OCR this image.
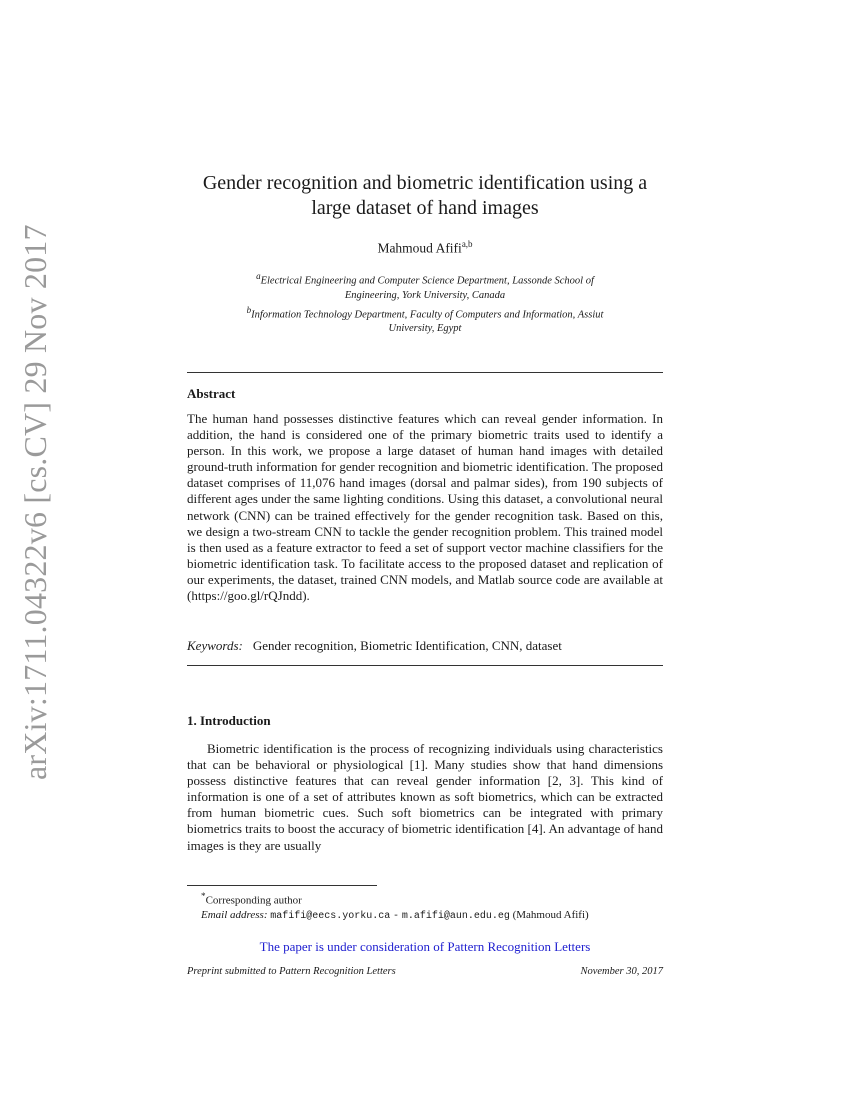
arXiv:1711.04322v6 [cs.CV] 29 Nov 2017
Gender recognition and biometric identification using a
large dataset of hand images
Mahmoud Afifi$^{a,b}$
$^a$Electrical Engineering and Computer Science Department, Lassonde School of
Engineering, York University, Canada
$^b$Information Technology Department, Faculty of Computers and Information, Assiut
University, Egypt
Abstract
The human hand possesses distinctive features which can reveal gender information. In addition, the hand is considered one of the primary biometric traits used to identify a person. In this work, we propose a large dataset of human hand images with detailed ground-truth information for gender recognition and biometric identification. The proposed dataset comprises of 11,076 hand images (dorsal and palmar sides), from 190 subjects of different ages under the same lighting conditions. Using this dataset, a convolutional neural network (CNN) can be trained effectively for the gender recognition task. Based on this, we design a two-stream CNN to tackle the gender recognition problem. This trained model is then used as a feature extractor to feed a set of support vector machine classifiers for the biometric identification task. To facilitate access to the proposed dataset and replication of our experiments, the dataset, trained CNN models, and Matlab source code are available at (https://goo.gl/rQJndd).
Keywords: Gender recognition, Biometric Identification, CNN, dataset
1. Introduction
Biometric identification is the process of recognizing individuals using characteristics that can be behavioral or physiological [1]. Many studies show that hand dimensions possess distinctive features that can reveal gender information [2, 3]. This kind of information is one of a set of attributes known as soft biometrics, which can be extracted from human biometric cues. Such soft biometrics can be integrated with primary biometrics traits to boost the accuracy of biometric identification [4]. An advantage of hand images is they are usually
*Corresponding author
Email address: mafifi@eecs.yorku.ca - m.afifi@aun.edu.eg (Mahmoud Afifi)
The paper is under consideration of Pattern Recognition Letters
Preprint submitted to Pattern Recognition Letters	November 30, 2017
